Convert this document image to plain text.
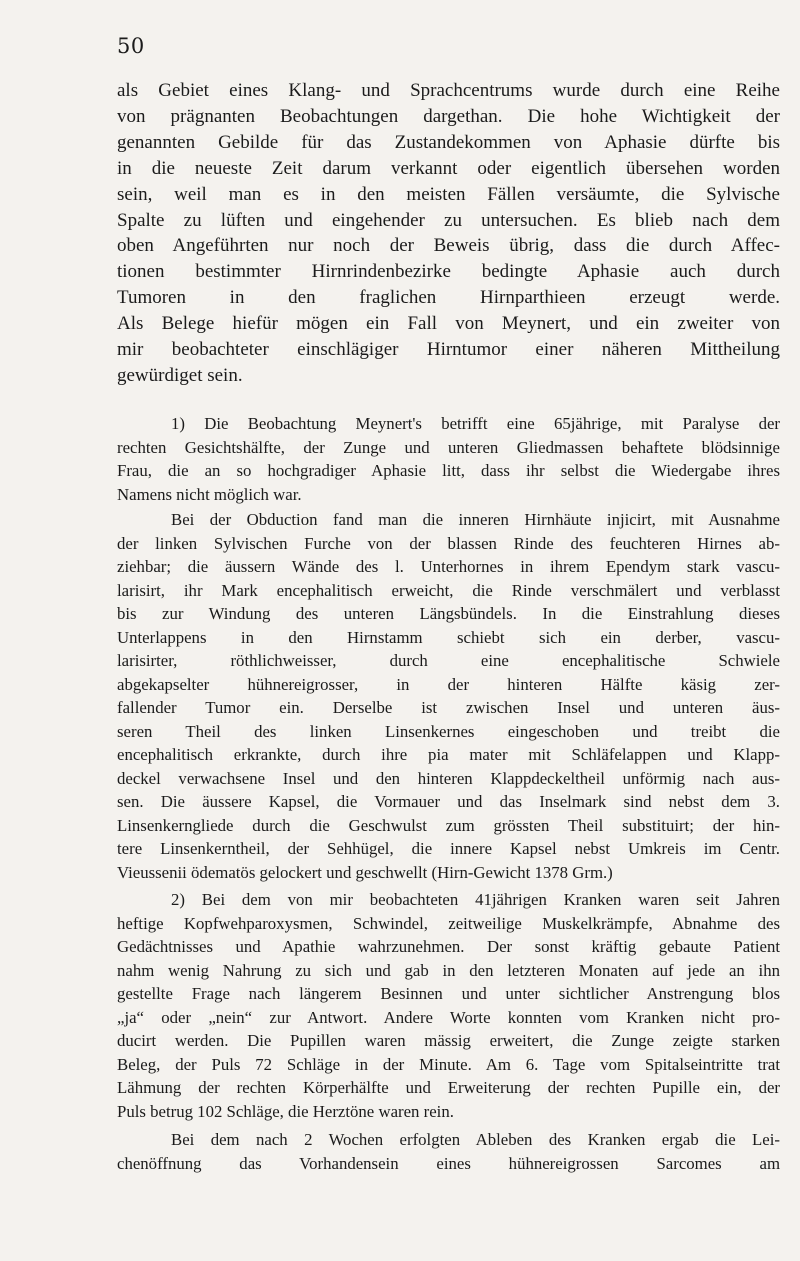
50
als Gebiet eines Klang- und Sprachcentrums wurde durch eine Reihe
von prägnanten Beobachtungen dargethan. Die hohe Wichtigkeit der
genannten Gebilde für das Zustandekommen von Aphasie dürfte bis
in die neueste Zeit darum verkannt oder eigentlich übersehen worden
sein, weil man es in den meisten Fällen versäumte, die Sylvische
Spalte zu lüften und eingehender zu untersuchen. Es blieb nach dem
oben Angeführten nur noch der Beweis übrig, dass die durch Affec-
tionen bestimmter Hirnrindenbezirke bedingte Aphasie auch durch
Tumoren in den fraglichen Hirnparthieen erzeugt werde.
Als Belege hiefür mögen ein Fall von Meynert, und ein zweiter von
mir beobachteter einschlägiger Hirntumor einer näheren Mittheilung
gewürdiget sein.
1) Die Beobachtung Meynert's betrifft eine 65jährige, mit Paralyse der
rechten Gesichtshälfte, der Zunge und unteren Gliedmassen behaftete blödsinnige
Frau, die an so hochgradiger Aphasie litt, dass ihr selbst die Wiedergabe ihres
Namens nicht möglich war.
Bei der Obduction fand man die inneren Hirnhäute injicirt, mit Ausnahme
der linken Sylvischen Furche von der blassen Rinde des feuchteren Hirnes ab-
ziehbar; die äussern Wände des l. Unterhornes in ihrem Ependym stark vascu-
larisirt, ihr Mark encephalitisch erweicht, die Rinde verschmälert und verblasst
bis zur Windung des unteren Längsbündels. In die Einstrahlung dieses
Unterlappens in den Hirnstamm schiebt sich ein derber, vascu-
larisirter, röthlichweisser, durch eine encephalitische Schwiele
abgekapselter hühnereigrosser, in der hinteren Hälfte käsig zer-
fallender Tumor ein. Derselbe ist zwischen Insel und unteren äus-
seren Theil des linken Linsenkernes eingeschoben und treibt die
encephalitisch erkrankte, durch ihre pia mater mit Schläfelappen und Klapp-
deckel verwachsene Insel und den hinteren Klappdeckeltheil unförmig nach aus-
sen. Die äussere Kapsel, die Vormauer und das Inselmark sind nebst dem 3.
Linsenkerngliede durch die Geschwulst zum grössten Theil substituirt; der hin-
tere Linsenkerntheil, der Sehhügel, die innere Kapsel nebst Umkreis im Centr.
Vieussenii ödematös gelockert und geschwellt (Hirn-Gewicht 1378 Grm.)
2) Bei dem von mir beobachteten 41jährigen Kranken waren seit Jahren
heftige Kopfwehparoxysmen, Schwindel, zeitweilige Muskelkrämpfe, Abnahme des
Gedächtnisses und Apathie wahrzunehmen. Der sonst kräftig gebaute Patient
nahm wenig Nahrung zu sich und gab in den letzteren Monaten auf jede an ihn
gestellte Frage nach längerem Besinnen und unter sichtlicher Anstrengung blos
„ja“ oder „nein“ zur Antwort. Andere Worte konnten vom Kranken nicht pro-
ducirt werden. Die Pupillen waren mässig erweitert, die Zunge zeigte starken
Beleg, der Puls 72 Schläge in der Minute. Am 6. Tage vom Spitalseintritte trat
Lähmung der rechten Körperhälfte und Erweiterung der rechten Pupille ein, der
Puls betrug 102 Schläge, die Herztöne waren rein.
Bei dem nach 2 Wochen erfolgten Ableben des Kranken ergab die Lei-
chenöffnung das Vorhandensein eines hühnereigrossen Sarcomes am
